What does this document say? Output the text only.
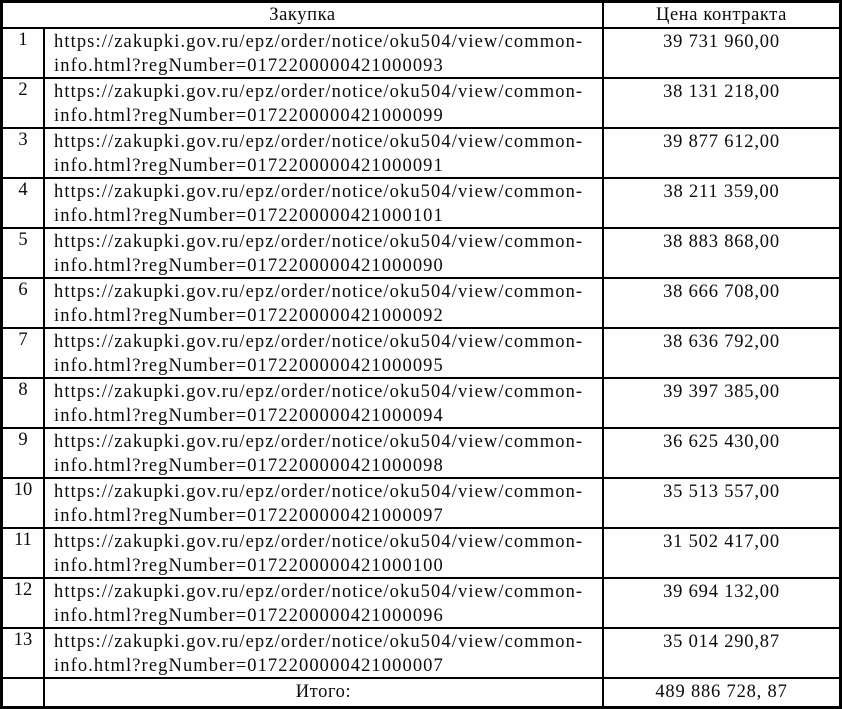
Закупка	Цена контракта
1	https://zakupki.gov.ru/epz/order/notice/oku504/view/common-
info.html?regNumber=0172200000421000093
39 731 960,00
2	https://zakupki.gov.ru/epz/order/notice/oku504/view/common-
info.html?regNumber=0172200000421000099
38 131 218,00
3	https://zakupki.gov.ru/epz/order/notice/oku504/view/common-
info.html?regNumber=0172200000421000091
39 877 612,00
4	https://zakupki.gov.ru/epz/order/notice/oku504/view/common-
info.html?regNumber=0172200000421000101
38 211 359,00
5	https://zakupki.gov.ru/epz/order/notice/oku504/view/common-
info.html?regNumber=0172200000421000090
38 883 868,00
6	https://zakupki.gov.ru/epz/order/notice/oku504/view/common-
info.html?regNumber=0172200000421000092
38 666 708,00
7	https://zakupki.gov.ru/epz/order/notice/oku504/view/common-
info.html?regNumber=0172200000421000095
38 636 792,00
8	https://zakupki.gov.ru/epz/order/notice/oku504/view/common-
info.html?regNumber=0172200000421000094
39 397 385,00
9	https://zakupki.gov.ru/epz/order/notice/oku504/view/common-
info.html?regNumber=0172200000421000098
36 625 430,00
10	https://zakupki.gov.ru/epz/order/notice/oku504/view/common-
info.html?regNumber=0172200000421000097
35 513 557,00
11	https://zakupki.gov.ru/epz/order/notice/oku504/view/common-
info.html?regNumber=0172200000421000100
31 502 417,00
12	https://zakupki.gov.ru/epz/order/notice/oku504/view/common-
info.html?regNumber=0172200000421000096
39 694 132,00
13	https://zakupki.gov.ru/epz/order/notice/oku504/view/common-
info.html?regNumber=0172200000421000007
35 014 290,87
Итого:	489 886 728, 87
